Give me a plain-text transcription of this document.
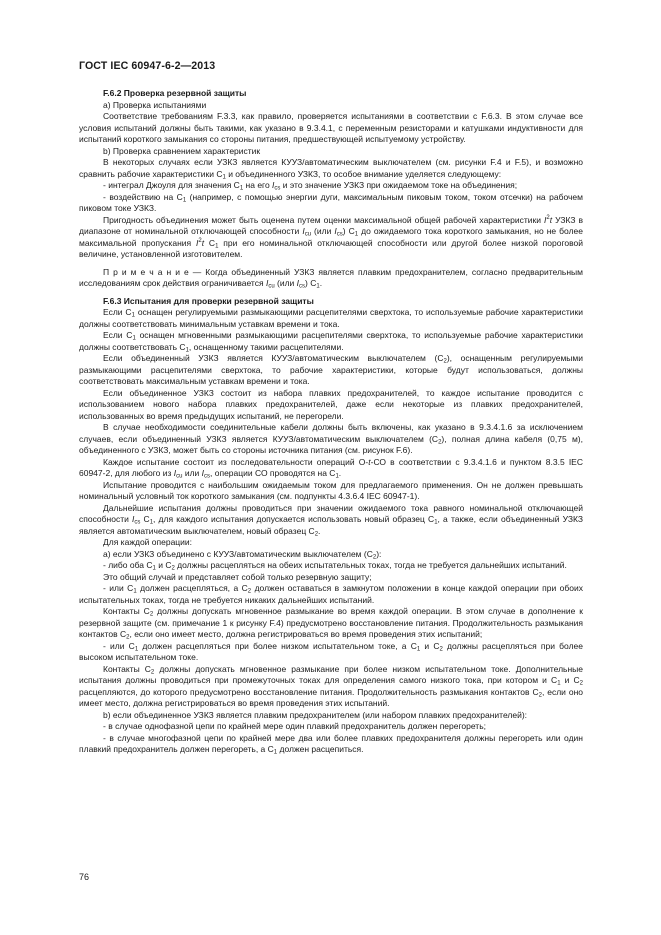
ГОСТ IEC 60947-6-2—2013

F.6.2 Проверка резервной защиты

a) Проверка испытаниями

Соответствие требованиям F.3.3, как правило, проверяется испытаниями в соответствии с F.6.3. В этом случае все условия испытаний должны быть такими, как указано в 9.3.4.1, с переменным резисторами и катушками индуктивности для испытаний короткого замыкания со стороны питания, предшествующей испытуемому устройству.

b) Проверка сравнением характеристик

В некоторых случаях если УЗКЗ является КУУЗ/автоматическим выключателем (см. рисунки F.4 и F.5), и возможно сравнить рабочие характеристики $C_1$ и объединенного УЗКЗ, то особое внимание уделяется следующему:

- интеграл Джоуля для значения $C_1$ на его $I_{cs}$ и это значение УЗКЗ при ожидаемом токе на объединения;

- воздействию на $C_1$ (например, с помощью энергии дуги, максимальным пиковым током, током отсечки) на рабочем пиковом токе УЗКЗ.

Пригодность объединения может быть оценена путем оценки максимальной общей рабочей характеристики $I^2t$ УЗКЗ в диапазоне от номинальной отключающей способности $I_{cu}$ (или $I_{cs}$) $C_1$ до ожидаемого тока короткого замыкания, но не более максимальной пропускания $I^2t$ $C_1$ при его номинальной отключающей способности или другой более низкой пороговой величине, установленной изготовителем.

П р и м е ч а н и е — Когда объединенный УЗКЗ является плавким предохранителем, согласно предварительным исследованиям срок действия ограничивается $I_{cu}$ (или $I_{cs}$) $C_1$.

F.6.3 Испытания для проверки резервной защиты

Если $C_1$ оснащен регулируемыми размыкающими расцепителями сверхтока, то используемые рабочие характеристики должны соответствовать минимальным уставкам времени и тока.

Если $C_1$ оснащен мгновенными размыкающими расцепителями сверхтока, то используемые рабочие характеристики должны соответствовать $C_1$, оснащенному такими расцепителями.

Если объединенный УЗКЗ является КУУЗ/автоматическим выключателем $(C_2)$, оснащенным регулируемыми размыкающими расцепителями сверхтока, то рабочие характеристики, которые будут использоваться, должны соответствовать максимальным уставкам времени и тока.

Если объединенное УЗКЗ состоит из набора плавких предохранителей, то каждое испытание проводится с использованием нового набора плавких предохранителей, даже если некоторые из плавких предохранителей, использованных во время предыдущих испытаний, не перегорели.

В случае необходимости соединительные кабели должны быть включены, как указано в 9.3.4.1.6 за исключением случаев, если объединенный УЗКЗ является КУУЗ/автоматическим выключателем $(C_2)$, полная длина кабеля (0,75 м), объединенного с УЗКЗ, может быть со стороны источника питания (см. рисунок F.6).

Каждое испытание состоит из последовательности операций О-t-СО в соответствии с 9.3.4.1.6 и пунктом 8.3.5 IEC 60947-2, для любого из $I_{cu}$ или $I_{cs}$, операции СО проводятся на $C_1$.

Испытание проводится с наибольшим ожидаемым током для предлагаемого применения. Он не должен превышать номинальный условный ток короткого замыкания (см. подпункты 4.3.6.4 IEC 60947-1).

Дальнейшие испытания должны проводиться при значении ожидаемого тока равного номинальной отключающей способности $I_{cs}$ $C_1$, для каждого испытания допускается использовать новый образец $C_1$, а также, если объединенный УЗКЗ является автоматическим выключателем, новый образец $C_2$.

Для каждой операции:

a) если УЗКЗ объединено с КУУЗ/автоматическим выключателем $(C_2)$:

- либо оба $C_1$ и $C_2$ должны расцепляться на обеих испытательных токах, тогда не требуется дальнейших испытаний.

Это общий случай и представляет собой только резервную защиту;

- или $C_1$ должен расцепляться, а $C_2$ должен оставаться в замкнутом положении в конце каждой операции при обоих испытательных токах, тогда не требуется никаких дальнейших испытаний.

Контакты $C_2$ должны допускать мгновенное размыкание во время каждой операции. В этом случае в дополнение к резервной защите (см. примечание 1 к рисунку F.4) предусмотрено восстановление питания. Продолжительность размыкания контактов $C_2$, если оно имеет место, должна регистрироваться во время проведения этих испытаний;

- или $C_1$ должен расцепляться при более низком испытательном токе, а $C_1$ и $C_2$ должны расцепляться при более высоком испытательном токе.

Контакты $C_2$ должны допускать мгновенное размыкание при более низком испытательном токе. Дополнительные испытания должны проводиться при промежуточных токах для определения самого низкого тока, при котором и $C_1$ и $C_2$ расцепляются, до которого предусмотрено восстановление питания. Продолжительность размыкания контактов $C_2$, если оно имеет место, должна регистрироваться во время проведения этих испытаний.

b) если объединенное УЗКЗ является плавким предохранителем (или набором плавких предохранителей):

- в случае однофазной цепи по крайней мере один плавкий предохранитель должен перегореть;

- в случае многофазной цепи по крайней мере два или более плавких предохранителя должны перегореть или один плавкий предохранитель должен перегореть, а $C_1$ должен расцепиться.

76
